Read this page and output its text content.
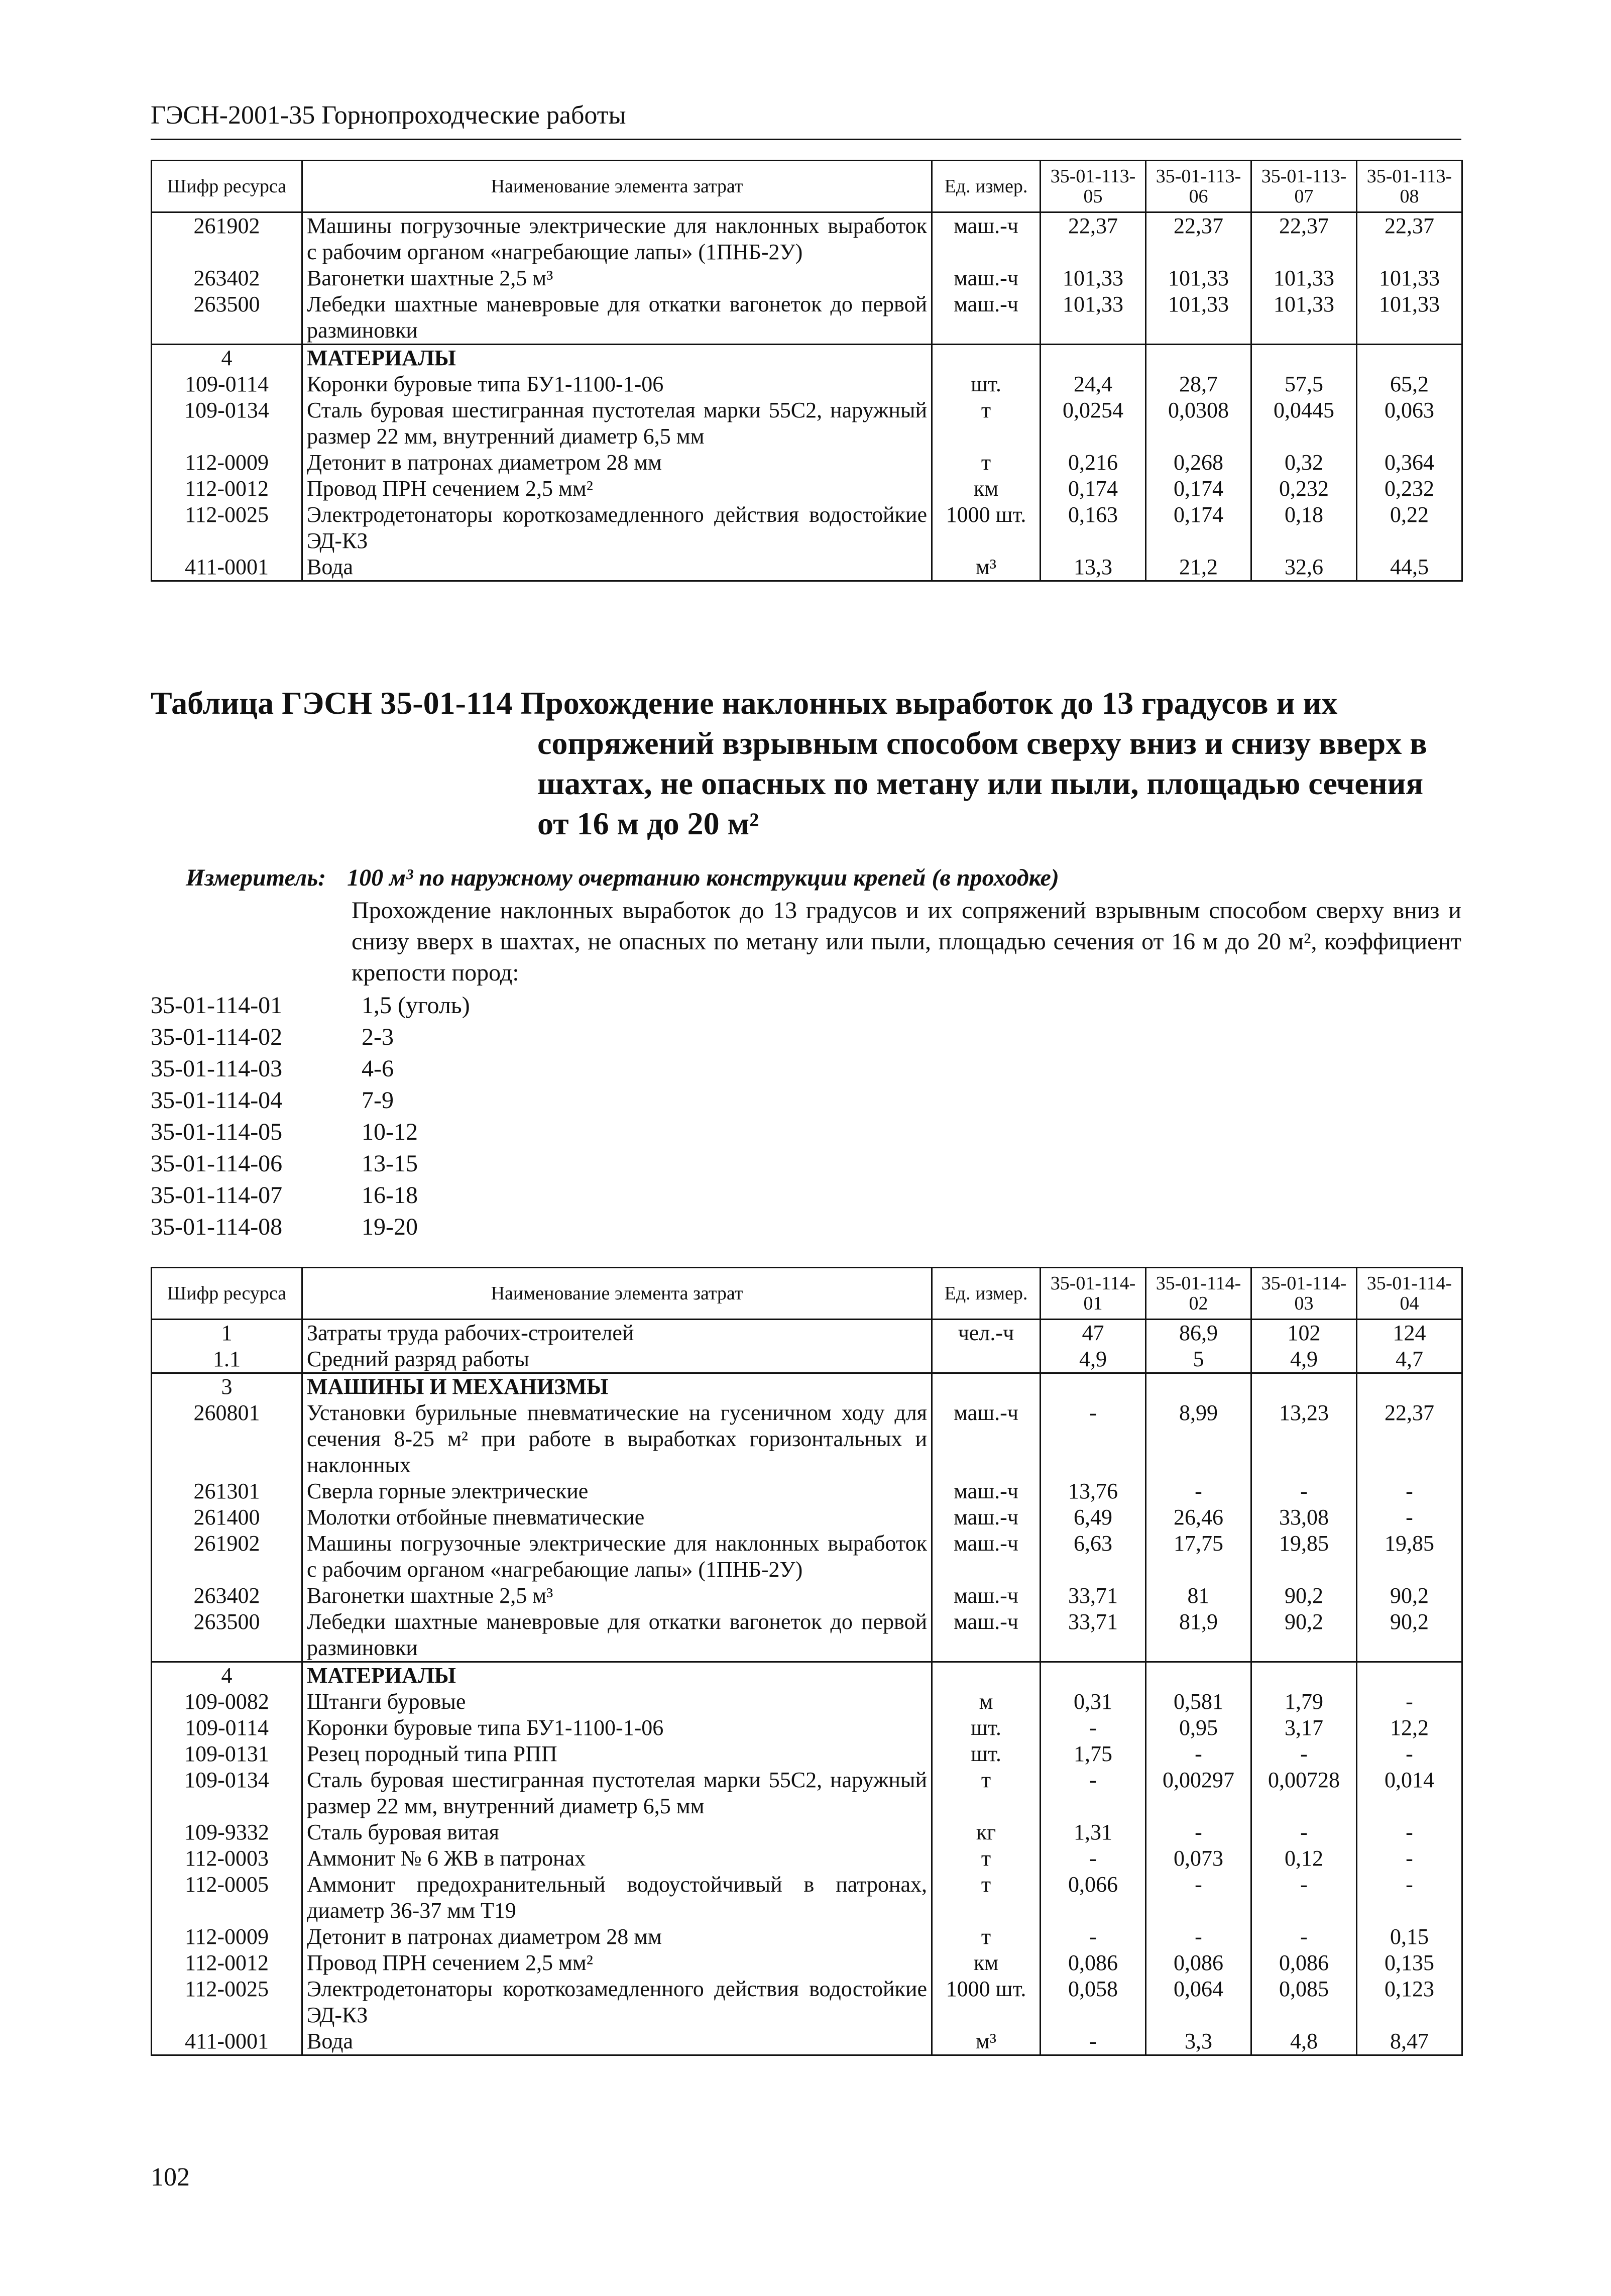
ГЭСН-2001-35 Горнопроходческие работы
Шифр ресурса	Наименование элемента затрат	Ед. измер.	35-01-113-05	35-01-113-06	35-01-113-07	35-01-113-08
261902	Машины погрузочные электрические для наклонных выработок с рабочим органом «нагребающие лапы» (1ПНБ-2У)	маш.-ч	22,37	22,37	22,37	22,37
263402	Вагонетки шахтные 2,5 м³	маш.-ч	101,33	101,33	101,33	101,33
263500	Лебедки шахтные маневровые для откатки вагонеток до первой разминовки	маш.-ч	101,33	101,33	101,33	101,33
4	МАТЕРИАЛЫ					
109-0114	Коронки буровые типа БУ1-1100-1-06	шт.	24,4	28,7	57,5	65,2
109-0134	Сталь буровая шестигранная пустотелая марки 55С2, наружный размер 22 мм, внутренний диаметр 6,5 мм	т	0,0254	0,0308	0,0445	0,063
112-0009	Детонит в патронах диаметром 28 мм	т	0,216	0,268	0,32	0,364
112-0012	Провод ПРН сечением 2,5 мм²	км	0,174	0,174	0,232	0,232
112-0025	Электродетонаторы короткозамедленного действия водостойкие ЭД-КЗ	1000 шт.	0,163	0,174	0,18	0,22
411-0001	Вода	м³	13,3	21,2	32,6	44,5
Таблица ГЭСН 35-01-114 Прохождение наклонных выработок до 13 градусов и их
сопряжений взрывным способом сверху вниз и снизу вверх в
шахтах, не опасных по метану или пыли, площадью сечения
от 16 м до 20 м²
Измеритель: 100 м³ по наружному очертанию конструкции крепей (в проходке)
Прохождение наклонных выработок до 13 градусов и их сопряжений взрывным способом сверху вниз и снизу вверх в шахтах, не опасных по метану или пыли, площадью сечения от 16 м до 20 м², коэффициент крепости пород:
35-01-114-01	1,5 (уголь)
35-01-114-02	2-3
35-01-114-03	4-6
35-01-114-04	7-9
35-01-114-05	10-12
35-01-114-06	13-15
35-01-114-07	16-18
35-01-114-08	19-20
Шифр ресурса	Наименование элемента затрат	Ед. измер.	35-01-114-01	35-01-114-02	35-01-114-03	35-01-114-04
1	Затраты труда рабочих-строителей	чел.-ч	47	86,9	102	124
1.1	Средний разряд работы		4,9	5	4,9	4,7
3	МАШИНЫ И МЕХАНИЗМЫ					
260801	Установки бурильные пневматические на гусеничном ходу для сечения 8-25 м² при работе в выработках горизонтальных и наклонных	маш.-ч	-	8,99	13,23	22,37
261301	Сверла горные электрические	маш.-ч	13,76	-	-	-
261400	Молотки отбойные пневматические	маш.-ч	6,49	26,46	33,08	-
261902	Машины погрузочные электрические для наклонных выработок с рабочим органом «нагребающие лапы» (1ПНБ-2У)	маш.-ч	6,63	17,75	19,85	19,85
263402	Вагонетки шахтные 2,5 м³	маш.-ч	33,71	81	90,2	90,2
263500	Лебедки шахтные маневровые для откатки вагонеток до первой разминовки	маш.-ч	33,71	81,9	90,2	90,2
4	МАТЕРИАЛЫ					
109-0082	Штанги буровые	м	0,31	0,581	1,79	-
109-0114	Коронки буровые типа БУ1-1100-1-06	шт.	-	0,95	3,17	12,2
109-0131	Резец породный типа РПП	шт.	1,75	-	-	-
109-0134	Сталь буровая шестигранная пустотелая марки 55С2, наружный размер 22 мм, внутренний диаметр 6,5 мм	т	-	0,00297	0,00728	0,014
109-9332	Сталь буровая витая	кг	1,31	-	-	-
112-0003	Аммонит № 6 ЖВ в патронах	т	-	0,073	0,12	-
112-0005	Аммонит предохранительный водоустойчивый в патронах, диаметр 36-37 мм Т19	т	0,066	-	-	-
112-0009	Детонит в патронах диаметром 28 мм	т	-	-	-	0,15
112-0012	Провод ПРН сечением 2,5 мм²	км	0,086	0,086	0,086	0,135
112-0025	Электродетонаторы короткозамедленного действия водостойкие ЭД-КЗ	1000 шт.	0,058	0,064	0,085	0,123
411-0001	Вода	м³	-	3,3	4,8	8,47
102
